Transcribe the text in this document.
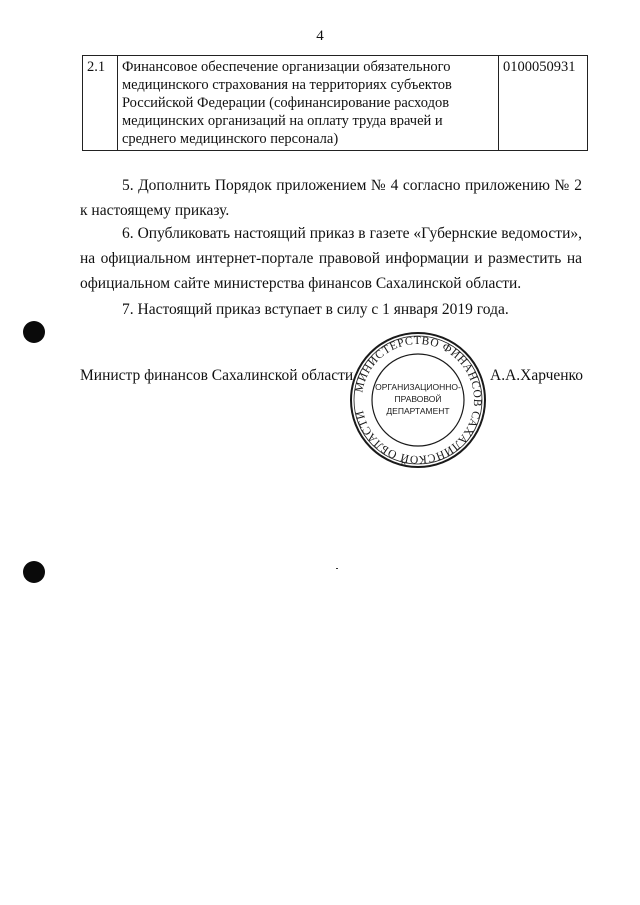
4
2.1	Финансовое обеспечение организации обязательного медицинского страхования на территориях субъектов Российской Федерации (софинансирование расходов медицинских организаций на оплату труда врачей и среднего медицинского персонала)	0100050931
5. Дополнить Порядок приложением № 4 согласно приложению № 2 к настоящему приказу.
6. Опубликовать настоящий приказ в газете «Губернские ведомости», на официальном интернет-портале правовой информации и разместить на официальном сайте министерства финансов Сахалинской области.
7. Настоящий приказ вступает в силу с 1 января 2019 года.
Министр финансов Сахалинской области	А.А.Харченко
МИНИСТЕРСТВО ФИНАНСОВ САХАЛИНСКОЙ ОБЛАСТИ
ОРГАНИЗАЦИОННО-
ПРАВОВОЙ
ДЕПАРТАМЕНТ
